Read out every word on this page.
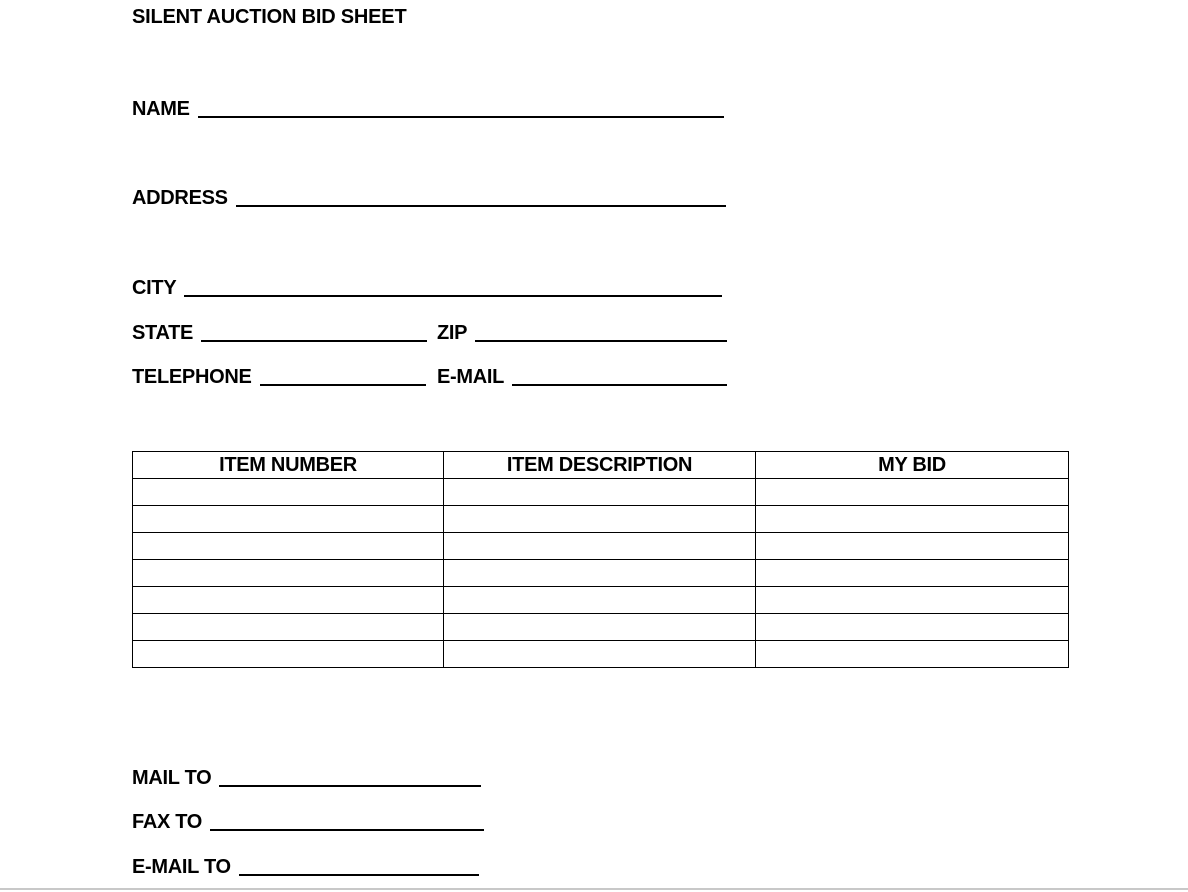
SILENT AUCTION BID SHEET
NAME
ADDRESS
CITY
STATE	ZIP
TELEPHONE	E-MAIL
ITEM NUMBER	ITEM DESCRIPTION	MY BID

MAIL TO
FAX TO
E-MAIL TO
